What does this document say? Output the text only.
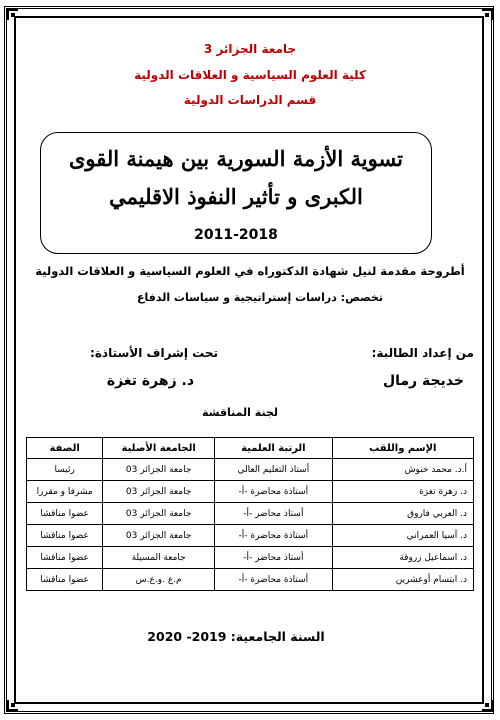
جامعة الجزائر 3
كلية العلوم السياسية و العلاقات الدولية
قسم الدراسات الدولية
تسوية الأزمة السورية بين هيمنة القوى
الكبرى و تأثير النفوذ الاقليمي
2011-2018
أطروحة مقدمة لنيل شهادة الدكتوراه في العلوم السياسية و العلاقات الدولية
تخصص: دراسات إستراتيجية و سياسات الدفاع
من إعداد الطالبة:
خديجة رمال
تحت إشراف الأستاذة:
د. زهرة تغزة
لجنة المناقشة
الإسم واللقب	الرتبة العلمية	الجامعة الأصلية	الصفة
أ.د. محمد خنوش	أستاذ التعليم العالي	جامعة الجزائر 03	رئيسا
د. زهرة تغزة	أستاذة محاضرة -أ-	جامعة الجزائر 03	مشرفا و مقررا
د. العربي فاروق	أستاذ محاضر -أ-	جامعة الجزائر 03	عضوا مناقشا
د. آسيا العمراني	أستاذة محاضرة -أ-	جامعة الجزائر 03	عضوا مناقشا
د. اسماعيل زروقة	أستاذ محاضر -أ-	جامعة المسيلة	عضوا مناقشا
د. ابتسام أوعشرين	أستاذة محاضرة -أ-	م.ع .و.ع.س	عضوا مناقشا
السنة الجامعية: 2019- 2020
